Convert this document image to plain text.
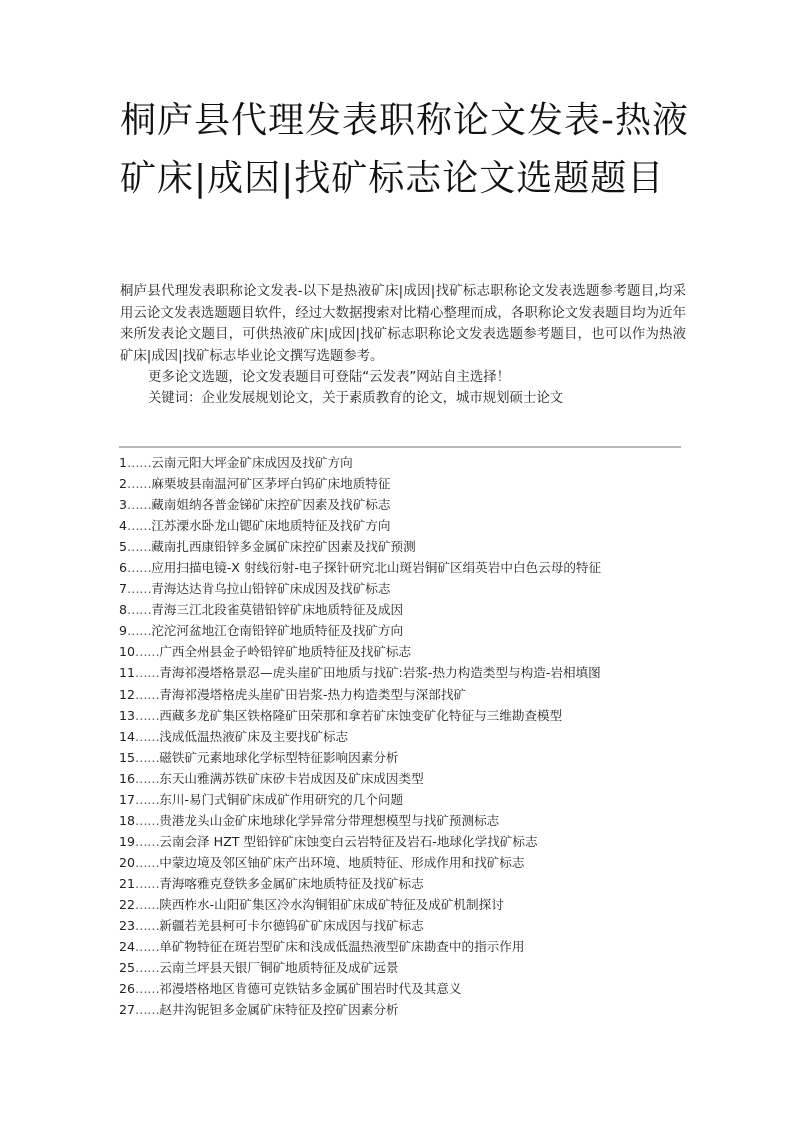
桐庐县代理发表职称论文发表-热液矿床|成因|找矿标志论文选题题目

桐庐县代理发表职称论文发表-以下是热液矿床|成因|找矿标志职称论文发表选题参考题目,均采用云论文发表选题题目软件，经过大数据搜索对比精心整理而成，各职称论文发表题目均为近年来所发表论文题目，可供热液矿床|成因|找矿标志职称论文发表选题参考题目，也可以作为热液矿床|成因|找矿标志毕业论文撰写选题参考。

更多论文选题，论文发表题目可登陆“云发表”网站自主选择！

关键词：企业发展规划论文，关于素质教育的论文，城市规划硕士论文

1……云南元阳大坪金矿床成因及找矿方向
2……麻栗坡县南温河矿区茅坪白钨矿床地质特征
3……藏南姐纳各普金锑矿床控矿因素及找矿标志
4……江苏溧水卧龙山锶矿床地质特征及找矿方向
5……藏南扎西康铅锌多金属矿床控矿因素及找矿预测
6……应用扫描电镜-X 射线衍射-电子探针研究北山斑岩铜矿区绢英岩中白色云母的特征
7……青海达达肯乌拉山铅锌矿床成因及找矿标志
8……青海三江北段雀莫错铅锌矿床地质特征及成因
9……沱沱河盆地江仓南铅锌矿地质特征及找矿方向
10……广西全州县金子岭铅锌矿地质特征及找矿标志
11……青海祁漫塔格景忍—虎头崖矿田地质与找矿:岩浆-热力构造类型与构造-岩相填图
12……青海祁漫塔格虎头崖矿田岩浆-热力构造类型与深部找矿
13……西藏多龙矿集区铁格隆矿田荣那和拿若矿床蚀变矿化特征与三维勘查模型
14……浅成低温热液矿床及主要找矿标志
15……磁铁矿元素地球化学标型特征影响因素分析
16……东天山雅满苏铁矿床矽卡岩成因及矿床成因类型
17……东川-易门式铜矿床成矿作用研究的几个问题
18……贵港龙头山金矿床地球化学异常分带理想模型与找矿预测标志
19……云南会泽 HZT 型铅锌矿床蚀变白云岩特征及岩石-地球化学找矿标志
20……中蒙边境及邻区铀矿床产出环境、地质特征、形成作用和找矿标志
21……青海喀雅克登铁多金属矿床地质特征及找矿标志
22……陕西柞水-山阳矿集区冷水沟铜钼矿床成矿特征及成矿机制探讨
23……新疆若羌县柯可卡尔德钨矿矿床成因与找矿标志
24……单矿物特征在斑岩型矿床和浅成低温热液型矿床勘查中的指示作用
25……云南兰坪县天银厂铜矿地质特征及成矿远景
26……祁漫塔格地区肯德可克铁钴多金属矿围岩时代及其意义
27……赵井沟铌钽多金属矿床特征及控矿因素分析
